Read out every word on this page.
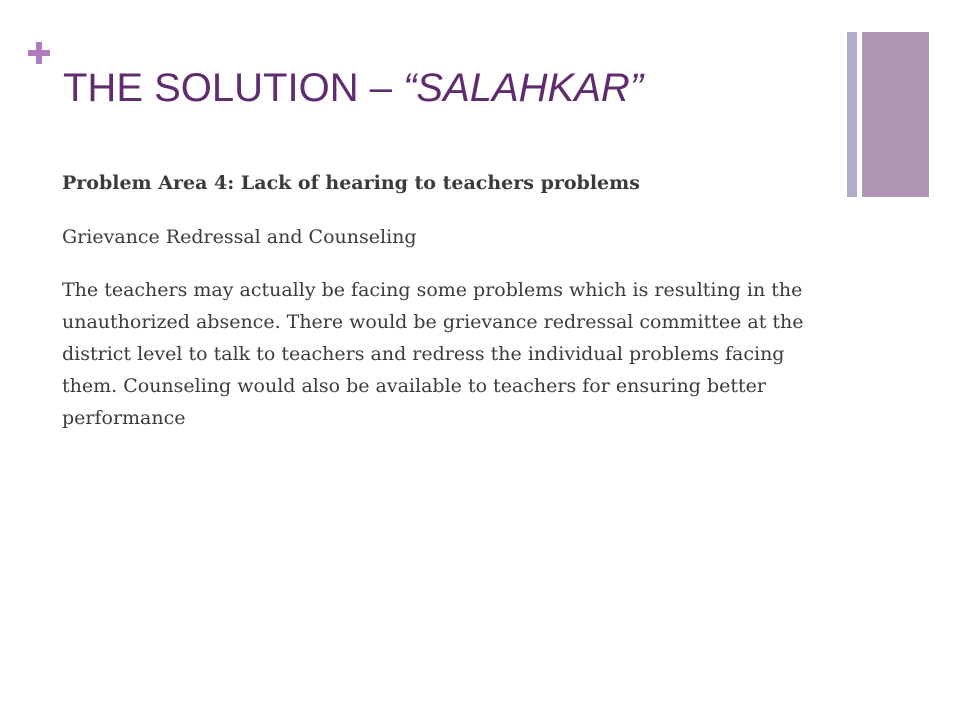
THE SOLUTION – “SALAHKAR”

Problem Area 4: Lack of hearing to teachers problems

Grievance Redressal and Counseling

The teachers may actually be facing some problems which is resulting in the unauthorized absence. There would be grievance redressal committee at the district level to talk to teachers and redress the individual problems facing them. Counseling would also be available to teachers for ensuring better performance
